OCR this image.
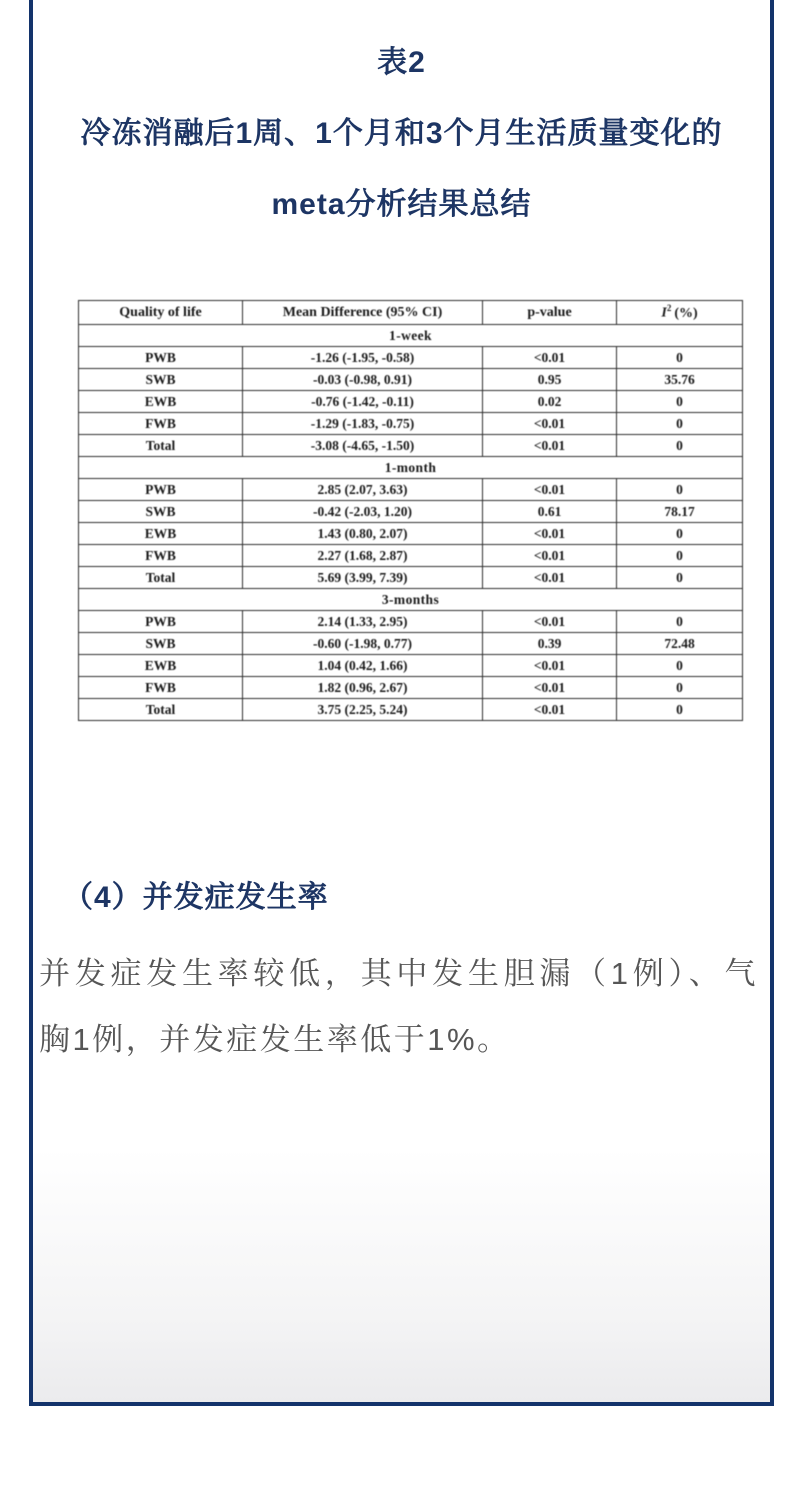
表2
冷冻消融后1周、1个月和3个月生活质量变化的
meta分析结果总结
Quality of life	Mean Difference (95% CI)	p-value	$I^2$ (%)
1-week			
PWB	-1.26 (-1.95, -0.58)	<0.01	0
SWB	-0.03 (-0.98, 0.91)	0.95	35.76
EWB	-0.76 (-1.42, -0.11)	0.02	0
FWB	-1.29 (-1.83, -0.75)	<0.01	0
Total	-3.08 (-4.65, -1.50)	<0.01	0
1-month			
PWB	2.85 (2.07, 3.63)	<0.01	0
SWB	-0.42 (-2.03, 1.20)	0.61	78.17
EWB	1.43 (0.80, 2.07)	<0.01	0
FWB	2.27 (1.68, 2.87)	<0.01	0
Total	5.69 (3.99, 7.39)	<0.01	0
3-months			
PWB	2.14 (1.33, 2.95)	<0.01	0
SWB	-0.60 (-1.98, 0.77)	0.39	72.48
EWB	1.04 (0.42, 1.66)	<0.01	0
FWB	1.82 (0.96, 2.67)	<0.01	0
Total	3.75 (2.25, 5.24)	<0.01	0
（4）并发症发生率
并发症发生率较低，其中发生胆漏（1例）、气
胸1例，并发症发生率低于1%。
